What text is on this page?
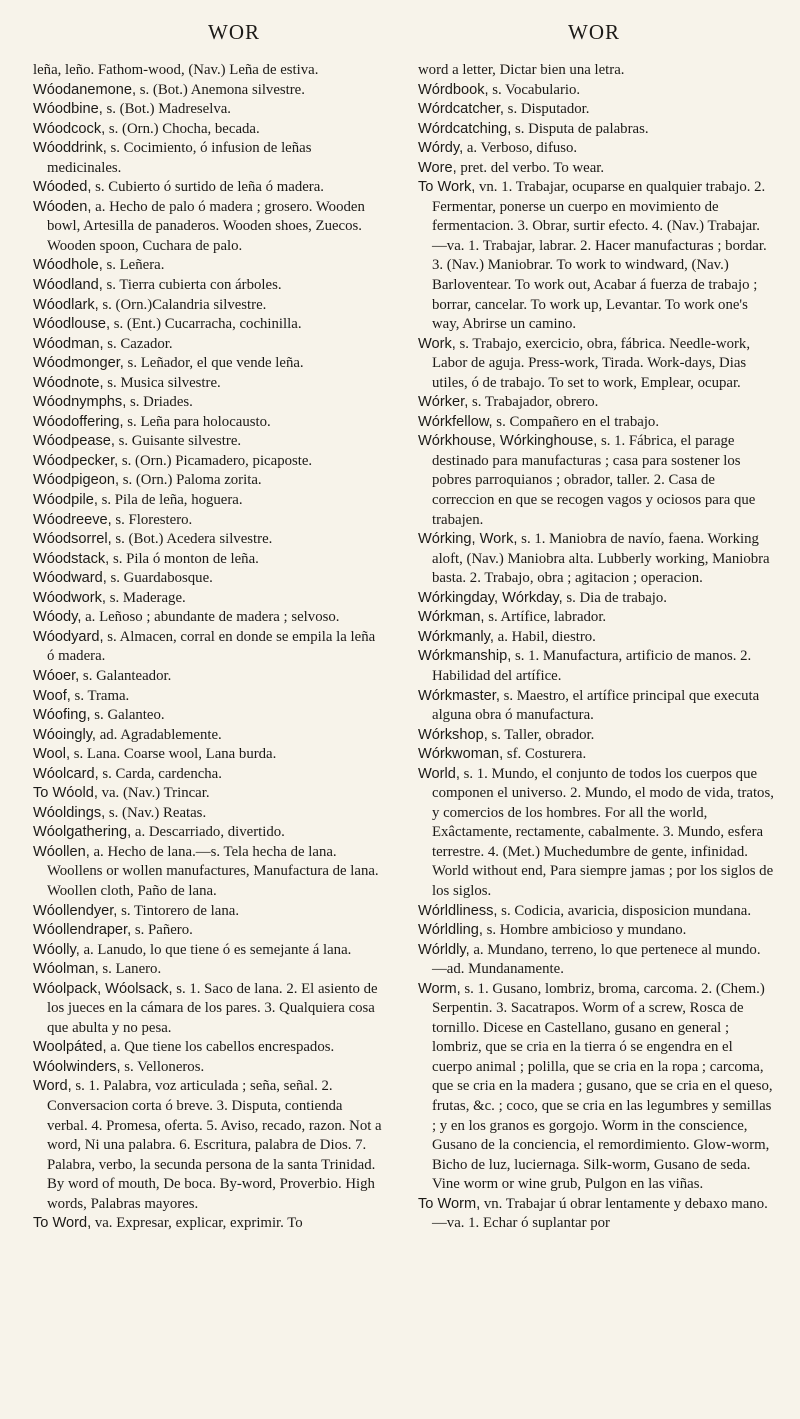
WOR	WOR

leña, leño. Fathom-wood, (Nav.) Leña de estiva.

Wóodanemone, s. (Bot.) Anemona silvestre.

Wóodbine, s. (Bot.) Madreselva.

Wóodcock, s. (Orn.) Chocha, becada.

Wóoddrink, s. Cocimiento, ó infusion de leñas medicinales.

Wóoded, s. Cubierto ó surtido de leña ó madera.

Wóoden, a. Hecho de palo ó madera ; grosero. Wooden bowl, Artesilla de panaderos. Wooden shoes, Zuecos. Wooden spoon, Cuchara de palo.

Wóodhole, s. Leñera.

Wóodland, s. Tierra cubierta con árboles.

Wóodlark, s. (Orn.)Calandria silvestre.

Wóodlouse, s. (Ent.) Cucarracha, cochinilla.

Wóodman, s. Cazador.

Wóodmonger, s. Leñador, el que vende leña.

Wóodnote, s. Musica silvestre.

Wóodnymphs, s. Driades.

Wóodoffering, s. Leña para holocausto.

Wóodpease, s. Guisante silvestre.

Wóodpecker, s. (Orn.) Picamadero, picaposte.

Wóodpigeon, s. (Orn.) Paloma zorita.

Wóodpile, s. Pila de leña, hoguera.

Wóodreeve, s. Florestero.

Wóodsorrel, s. (Bot.) Acedera silvestre.

Wóodstack, s. Pila ó monton de leña.

Wóodward, s. Guardabosque.

Wóodwork, s. Maderage.

Wóody, a. Leñoso ; abundante de madera ; selvoso.

Wóodyard, s. Almacen, corral en donde se empila la leña ó madera.

Wóoer, s. Galanteador.

Woof, s. Trama.

Wóofing, s. Galanteo.

Wóoingly, ad. Agradablemente.

Wool, s. Lana. Coarse wool, Lana burda.

Wóolcard, s. Carda, cardencha.

To Wóold, va. (Nav.) Trincar.

Wóoldings, s. (Nav.) Reatas.

Wóolgathering, a. Descarriado, divertido.

Wóollen, a. Hecho de lana.—s. Tela hecha de lana. Woollens or wollen manufactures, Manufactura de lana. Woollen cloth, Paño de lana.

Wóollendyer, s. Tintorero de lana.

Wóollendraper, s. Pañero.

Wóolly, a. Lanudo, lo que tiene ó es semejante á lana.

Wóolman, s. Lanero.

Wóolpack, Wóolsack, s. 1. Saco de lana. 2. El asiento de los jueces en la cámara de los pares. 3. Qualquiera cosa que abulta y no pesa.

Woolpáted, a. Que tiene los cabellos encrespados.

Wóolwinders, s. Velloneros.

Word, s. 1. Palabra, voz articulada ; seña, señal. 2. Conversacion corta ó breve. 3. Disputa, contienda verbal. 4. Promesa, oferta. 5. Aviso, recado, razon. Not a word, Ni una palabra. 6. Escritura, palabra de Dios. 7. Palabra, verbo, la secunda persona de la santa Trinidad. By word of mouth, De boca. By-word, Proverbio. High words, Palabras mayores.

To Word, va. Expresar, explicar, exprimir. To

word a letter, Dictar bien una letra.

Wórdbook, s. Vocabulario.

Wórdcatcher, s. Disputador.

Wórdcatching, s. Disputa de palabras.

Wórdy, a. Verboso, difuso.

Wore, pret. del verbo. To wear.

To Work, vn. 1. Trabajar, ocuparse en qualquier trabajo. 2. Fermentar, ponerse un cuerpo en movimiento de fermentacion. 3. Obrar, surtir efecto. 4. (Nav.) Trabajar.—va. 1. Trabajar, labrar. 2. Hacer manufacturas ; bordar. 3. (Nav.) Maniobrar. To work to windward, (Nav.) Barloventear. To work out, Acabar á fuerza de trabajo ; borrar, cancelar. To work up, Levantar. To work one's way, Abrirse un camino.

Work, s. Trabajo, exercicio, obra, fábrica. Needle-work, Labor de aguja. Press-work, Tirada. Work-days, Dias utiles, ó de trabajo. To set to work, Emplear, ocupar.

Wórker, s. Trabajador, obrero.

Wórkfellow, s. Compañero en el trabajo.

Wórkhouse, Wórkinghouse, s. 1. Fábrica, el parage destinado para manufacturas ; casa para sostener los pobres parroquianos ; obrador, taller. 2. Casa de correccion en que se recogen vagos y ociosos para que trabajen.

Wórking, Work, s. 1. Maniobra de navío, faena. Working aloft, (Nav.) Maniobra alta. Lubberly working, Maniobra basta. 2. Trabajo, obra ; agitacion ; operacion.

Wórkingday, Wórkday, s. Dia de trabajo.

Wórkman, s. Artífice, labrador.

Wórkmanly, a. Habil, diestro.

Wórkmanship, s. 1. Manufactura, artificio de manos. 2. Habilidad del artífice.

Wórkmaster, s. Maestro, el artífice principal que executa alguna obra ó manufactura.

Wórkshop, s. Taller, obrador.

Wórkwoman, sf. Costurera.

World, s. 1. Mundo, el conjunto de todos los cuerpos que componen el universo. 2. Mundo, el modo de vida, tratos, y comercios de los hombres. For all the world, Exâctamente, rectamente, cabalmente. 3. Mundo, esfera terrestre. 4. (Met.) Muchedumbre de gente, infinidad. World without end, Para siempre jamas ; por los siglos de los siglos.

Wórldliness, s. Codicia, avaricia, disposicion mundana.

Wórldling, s. Hombre ambicioso y mundano.

Wórldly, a. Mundano, terreno, lo que pertenece al mundo.—ad. Mundanamente.

Worm, s. 1. Gusano, lombriz, broma, carcoma. 2. (Chem.) Serpentin. 3. Sacatrapos. Worm of a screw, Rosca de tornillo. Dicese en Castellano, gusano en general ; lombriz, que se cria en la tierra ó se engendra en el cuerpo animal ; polilla, que se cria en la ropa ; carcoma, que se cria en la madera ; gusano, que se cria en el queso, frutas, &c. ; coco, que se cria en las legumbres y semillas ; y en los granos es gorgojo. Worm in the conscience, Gusano de la conciencia, el remordimiento. Glow-worm, Bicho de luz, luciernaga. Silk-worm, Gusano de seda. Vine worm or wine grub, Pulgon en las viñas.

To Worm, vn. Trabajar ú obrar lentamente y debaxo mano.—va. 1. Echar ó suplantar por
